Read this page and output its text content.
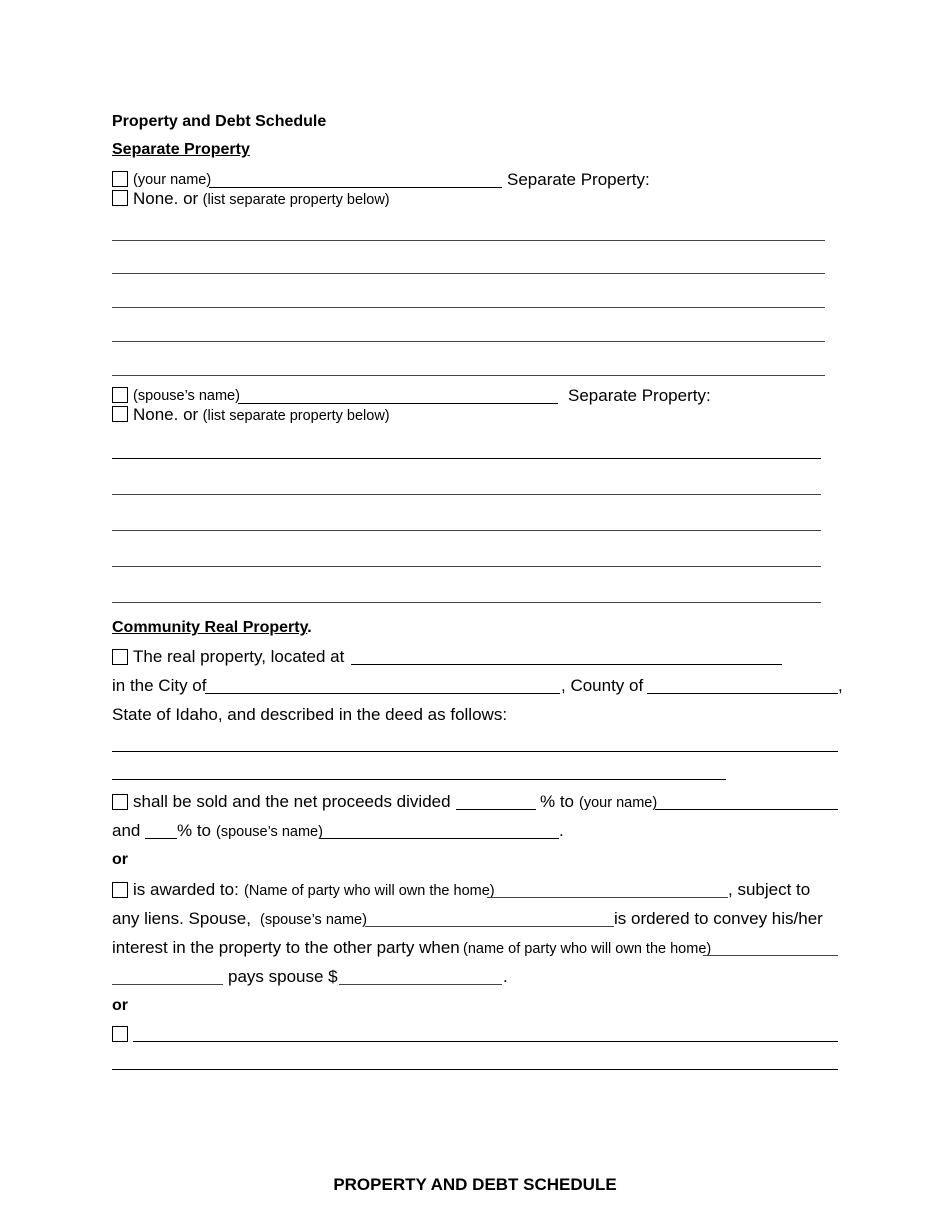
Property and Debt Schedule
Separate Property
(your name)	Separate Property:
None. or (list separate property below)
(spouse’s name)	Separate Property:
None. or (list separate property below)
Community Real Property.
The real property, located at
in the City of	, County of	,
State of Idaho, and described in the deed as follows:
shall be sold and the net proceeds divided	% to (your name)
and % to (spouse’s name)	.
or
is awarded to: (Name of party who will own the home)	, subject to
any liens. Spouse, (spouse’s name)	is ordered to convey his/her
interest in the property to the other party when (name of party who will own the home)
pays spouse $	.
or
PROPERTY AND DEBT SCHEDULE
